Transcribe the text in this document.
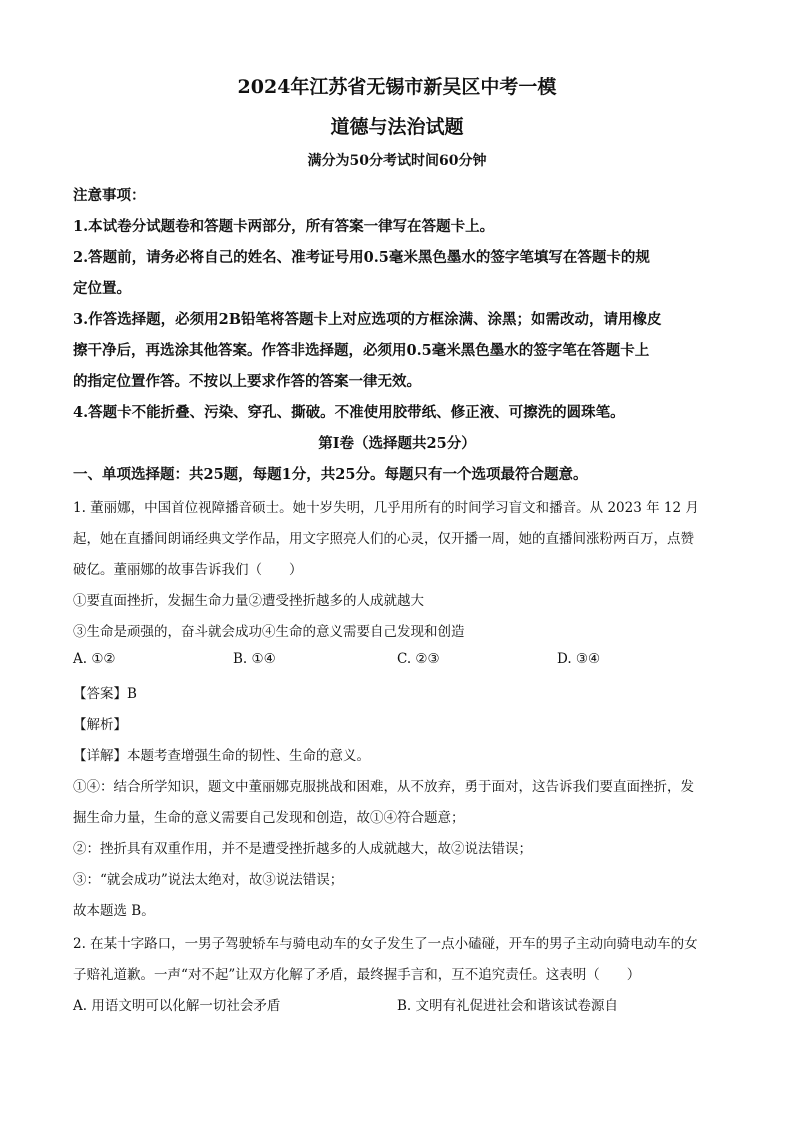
2024年江苏省无锡市新吴区中考一模
道德与法治试题
满分为50分考试时间60分钟
注意事项：
1.本试卷分试题卷和答题卡两部分，所有答案一律写在答题卡上。
2.答题前，请务必将自己的姓名、准考证号用0.5毫米黑色墨水的签字笔填写在答题卡的规
定位置。
3.作答选择题，必须用2B铅笔将答题卡上对应选项的方框涂满、涂黑；如需改动，请用橡皮
擦干净后，再选涂其他答案。作答非选择题，必须用0.5毫米黑色墨水的签字笔在答题卡上
的指定位置作答。不按以上要求作答的答案一律无效。
4.答题卡不能折叠、污染、穿孔、撕破。不准使用胶带纸、修正液、可擦洗的圆珠笔。
第Ⅰ卷（选择题共25分）
一、单项选择题：共25题，每题1分，共25分。每题只有一个选项最符合题意。
1. 董丽娜，中国首位视障播音硕士。她十岁失明，几乎用所有的时间学习盲文和播音。从 2023 年 12 月
起，她在直播间朗诵经典文学作品，用文字照亮人们的心灵，仅开播一周，她的直播间涨粉两百万，点赞
破亿。董丽娜的故事告诉我们（　　）
①要直面挫折，发掘生命力量②遭受挫折越多的人成就越大
③生命是顽强的，奋斗就会成功④生命的意义需要自己发现和创造
A. ①②	B. ①④	C. ②③	D. ③④
【答案】B
【解析】
【详解】本题考查增强生命的韧性、生命的意义。
①④：结合所学知识，题文中董丽娜克服挑战和困难，从不放弃，勇于面对，这告诉我们要直面挫折，发
掘生命力量，生命的意义需要自己发现和创造，故①④符合题意；
②：挫折具有双重作用，并不是遭受挫折越多的人成就越大，故②说法错误；
③：“就会成功”说法太绝对，故③说法错误；
故本题选 B。
2. 在某十字路口，一男子驾驶轿车与骑电动车的女子发生了一点小磕碰，开车的男子主动向骑电动车的女
子赔礼道歉。一声“对不起”让双方化解了矛盾，最终握手言和，互不追究责任。这表明（　　）
A. 用语文明可以化解一切社会矛盾	B. 文明有礼促进社会和谐该试卷源自
